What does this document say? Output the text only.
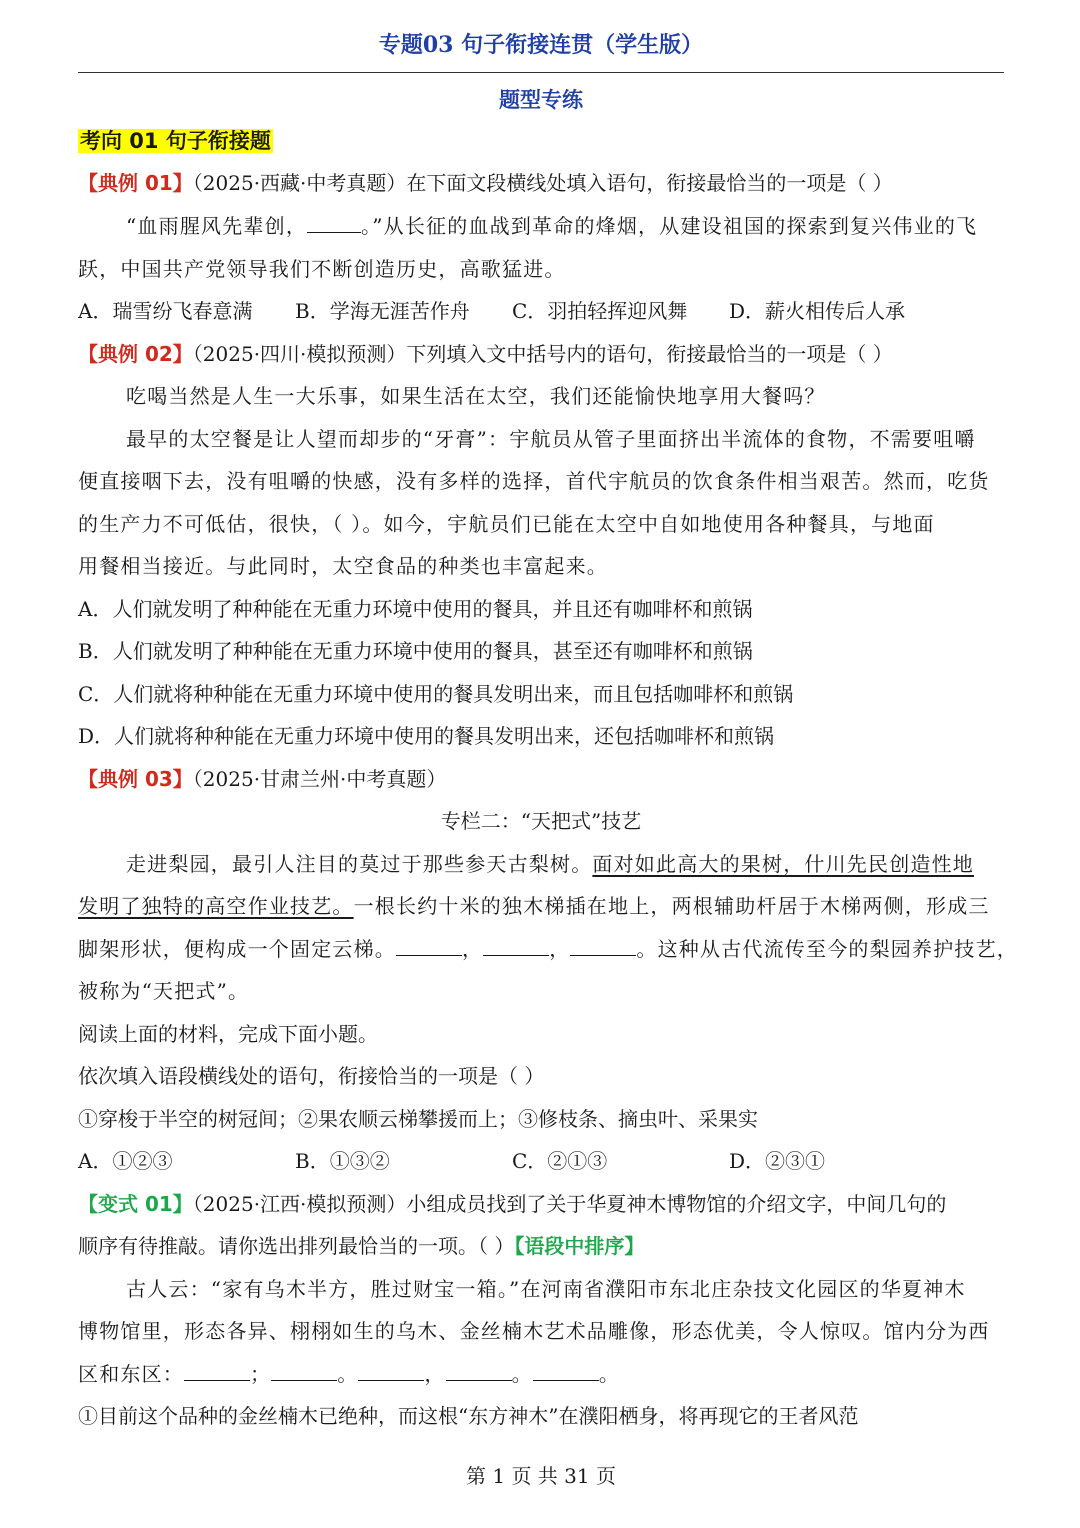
专题03 句子衔接连贯（学生版）
题型专练
考向 01 句子衔接题
【典例 01】（2025·西藏·中考真题）在下面文段横线处填入语句，衔接最恰当的一项是（ ）
“血雨腥风先辈创，	。”从长征的血战到革命的烽烟，从建设祖国的探索到复兴伟业的飞
跃，中国共产党领导我们不断创造历史，高歌猛进。
A．瑞雪纷飞春意满 B．学海无涯苦作舟 C．羽拍轻挥迎风舞 D．薪火相传后人承
【典例 02】（2025·四川·模拟预测）下列填入文中括号内的语句，衔接最恰当的一项是（ ）
吃喝当然是人生一大乐事，如果生活在太空，我们还能愉快地享用大餐吗？
最早的太空餐是让人望而却步的“牙膏”：宇航员从管子里面挤出半流体的食物，不需要咀嚼
便直接咽下去，没有咀嚼的快感，没有多样的选择，首代宇航员的饮食条件相当艰苦。然而，吃货
的生产力不可低估，很快，（ ）。如今，宇航员们已能在太空中自如地使用各种餐具，与地面
用餐相当接近。与此同时，太空食品的种类也丰富起来。
A．人们就发明了种种能在无重力环境中使用的餐具，并且还有咖啡杯和煎锅
B．人们就发明了种种能在无重力环境中使用的餐具，甚至还有咖啡杯和煎锅
C．人们就将种种能在无重力环境中使用的餐具发明出来，而且包括咖啡杯和煎锅
D．人们就将种种能在无重力环境中使用的餐具发明出来，还包括咖啡杯和煎锅
【典例 03】（2025·甘肃兰州·中考真题）
专栏二：“天把式”技艺
走进梨园，最引人注目的莫过于那些参天古梨树。面对如此高大的果树，什川先民创造性地
发明了独特的高空作业技艺。一根长约十米的独木梯插在地上，两根辅助杆居于木梯两侧，形成三
脚架形状，便构成一个固定云梯。	，	，	。这种从古代流传至今的梨园养护技艺，
被称为“天把式”。
阅读上面的材料，完成下面小题。
依次填入语段横线处的语句，衔接恰当的一项是（ ）
①穿梭于半空的树冠间；②果农顺云梯攀援而上；③修枝条、摘虫叶、采果实
A．①②③	B．①③②	C．②①③	D．②③①
【变式 01】（2025·江西·模拟预测）小组成员找到了关于华夏神木博物馆的介绍文字，中间几句的
顺序有待推敲。请你选出排列最恰当的一项。（ ）【语段中排序】
古人云：“家有乌木半方，胜过财宝一箱。”在河南省濮阳市东北庄杂技文化园区的华夏神木
博物馆里，形态各异、栩栩如生的乌木、金丝楠木艺术品雕像，形态优美，令人惊叹。馆内分为西
区和东区：	；	。	，	。	。
①目前这个品种的金丝楠木已绝种，而这根“东方神木”在濮阳栖身，将再现它的王者风范
第 1 页 共 31 页
